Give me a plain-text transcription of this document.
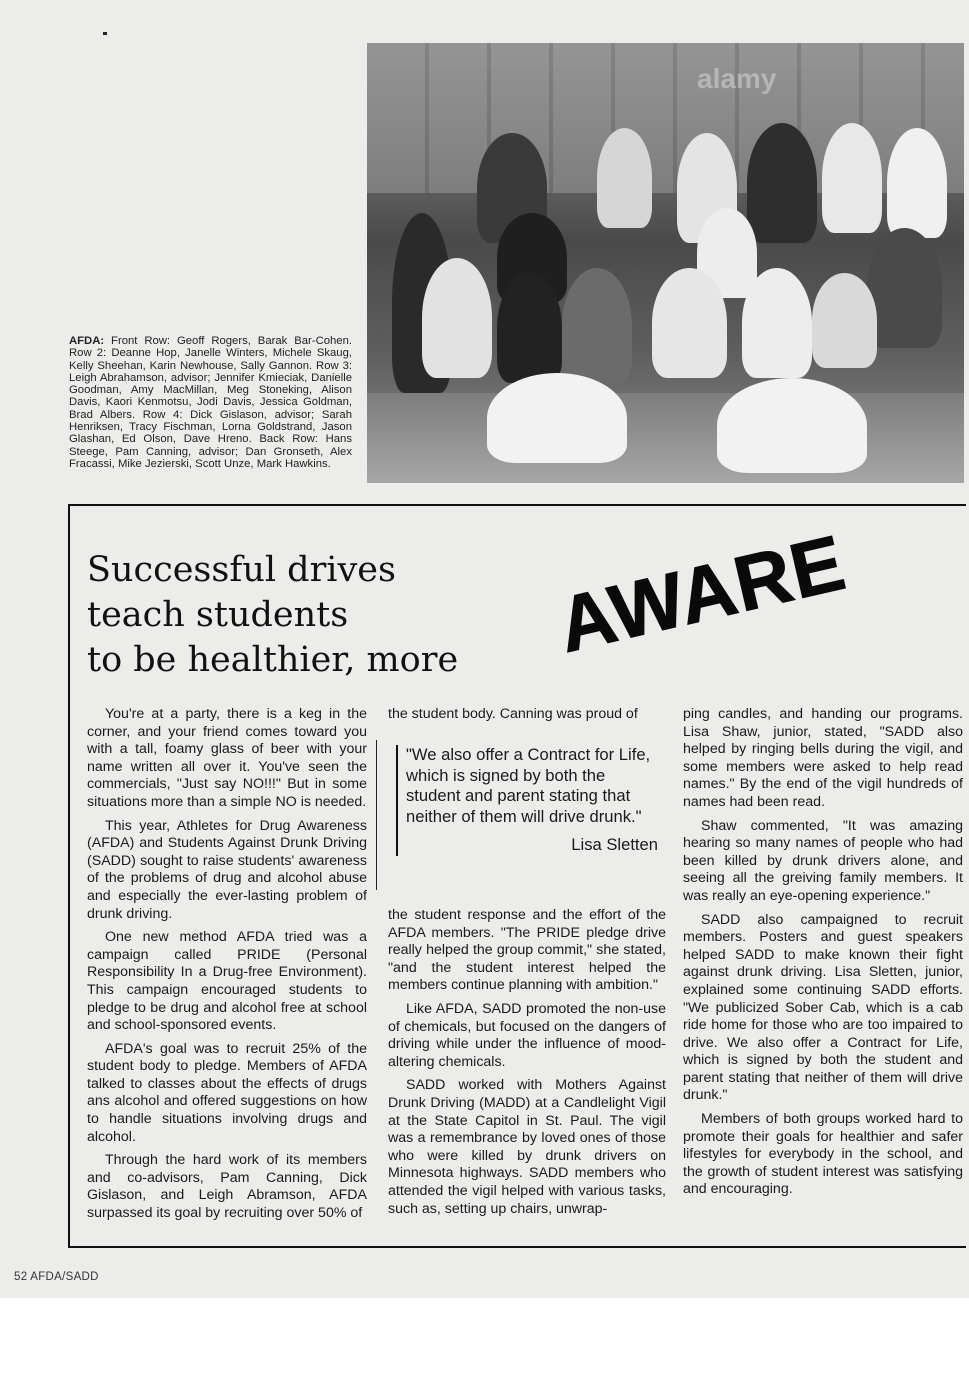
alamy
AFDA: Front Row: Geoff Rogers, Barak Bar-Cohen. Row 2: Deanne Hop, Janelle Winters, Michele Skaug, Kelly Sheehan, Karin Newhouse, Sally Gannon. Row 3: Leigh Abrahamson, advisor; Jennifer Kmieciak, Danielle Goodman, Amy MacMillan, Meg Stoneking, Alison Davis, Kaori Kenmotsu, Jodi Davis, Jessica Goldman, Brad Albers. Row 4: Dick Gislason, advisor; Sarah Henriksen, Tracy Fischman, Lorna Goldstrand, Jason Glashan, Ed Olson, Dave Hreno. Back Row: Hans Steege, Pam Canning, advisor; Dan Gronseth, Alex Fracassi, Mike Jezierski, Scott Unze, Mark Hawkins.
Successful drives
teach students
to be healthier, more	AWARE

You're at a party, there is a keg in the corner, and your friend comes toward you with a tall, foamy glass of beer with your name written all over it. You've seen the commercials, "Just say NO!!!" But in some situations more than a simple NO is needed.

This year, Athletes for Drug Awareness (AFDA) and Students Against Drunk Driving (SADD) sought to raise students' awareness of the problems of drug and alcohol abuse and especially the ever-lasting problem of drunk driving.

One new method AFDA tried was a campaign called PRIDE (Personal Responsibility In a Drug-free Environment). This campaign encouraged students to pledge to be drug and alcohol free at school and school-sponsored events.

AFDA's goal was to recruit 25% of the student body to pledge. Members of AFDA talked to classes about the effects of drugs ans alcohol and offered suggestions on how to handle situations involving drugs and alcohol.

Through the hard work of its members and co-advisors, Pam Canning, Dick Gislason, and Leigh Abramson, AFDA surpassed its goal by recruiting over 50% of

the student body. Canning was proud of

"We also offer a Contract for Life, which is signed by both the student and parent stating that neither of them will drive drunk."
Lisa Sletten

the student response and the effort of the AFDA members. "The PRIDE pledge drive really helped the group commit," she stated, "and the student interest helped the members continue planning with ambition."

Like AFDA, SADD promoted the non-use of chemicals, but focused on the dangers of driving while under the influence of mood-altering chemicals.

SADD worked with Mothers Against Drunk Driving (MADD) at a Candlelight Vigil at the State Capitol in St. Paul. The vigil was a remembrance by loved ones of those who were killed by drunk drivers on Minnesota highways. SADD members who attended the vigil helped with various tasks, such as, setting up chairs, unwrap-

ping candles, and handing our programs. Lisa Shaw, junior, stated, "SADD also helped by ringing bells during the vigil, and some members were asked to help read names." By the end of the vigil hundreds of names had been read.

Shaw commented, "It was amazing hearing so many names of people who had been killed by drunk drivers alone, and seeing all the greiving family members. It was really an eye-opening experience."

SADD also campaigned to recruit members. Posters and guest speakers helped SADD to make known their fight against drunk driving. Lisa Sletten, junior, explained some continuing SADD efforts. "We publicized Sober Cab, which is a cab ride home for those who are too impaired to drive. We also offer a Contract for Life, which is signed by both the student and parent stating that neither of them will drive drunk."

Members of both groups worked hard to promote their goals for healthier and safer lifestyles for everybody in the school, and the growth of student interest was satisfying and encouraging.

52 AFDA/SADD
